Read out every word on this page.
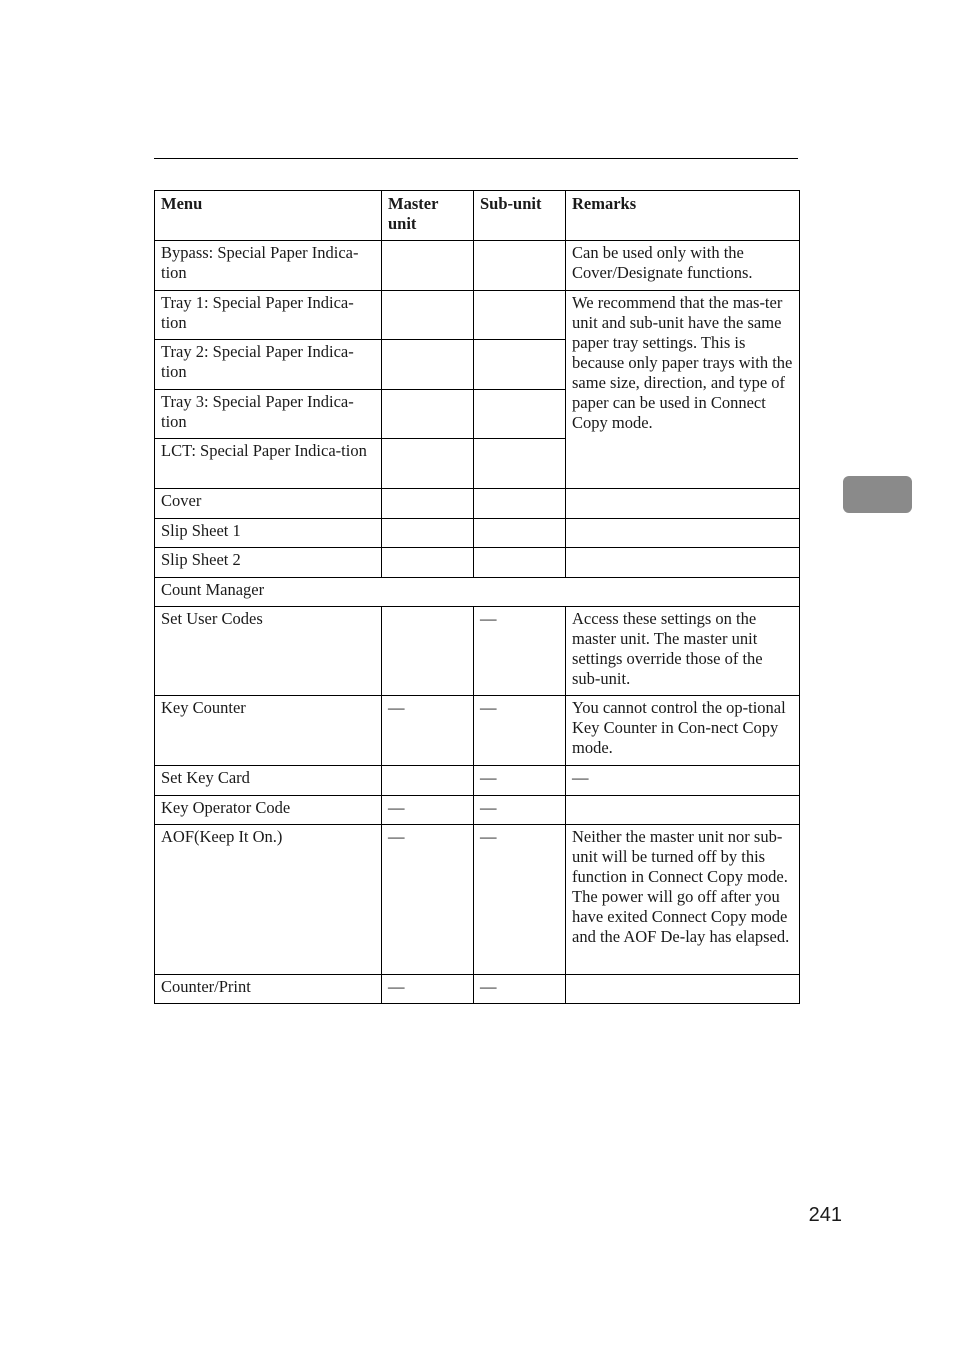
Menu	Master unit	Sub-unit	Remarks
Bypass: Special Paper Indica-tion			Can be used only with the Cover/Designate functions.
Tray 1: Special Paper Indica-tion			We recommend that the mas-ter unit and sub-unit have the same paper tray settings. This is because only paper trays with the same size, direction, and type of paper can be used in Connect Copy mode.
Tray 2: Special Paper Indica-tion			
Tray 3: Special Paper Indica-tion			
LCT: Special Paper Indica-tion			
Cover			
Slip Sheet 1			
Slip Sheet 2			
Count Manager			
Set User Codes		—	Access these settings on the master unit. The master unit settings override those of the sub-unit.
Key Counter	—	—	You cannot control the op-tional Key Counter in Con-nect Copy mode.
Set Key Card		—	—
Key Operator Code	—	—	
AOF(Keep It On.)	—	—	Neither the master unit nor sub-unit will be turned off by this function in Connect Copy mode. The power will go off after you have exited Connect Copy mode and the AOF De-lay has elapsed.
Counter/Print	—	—	
241
